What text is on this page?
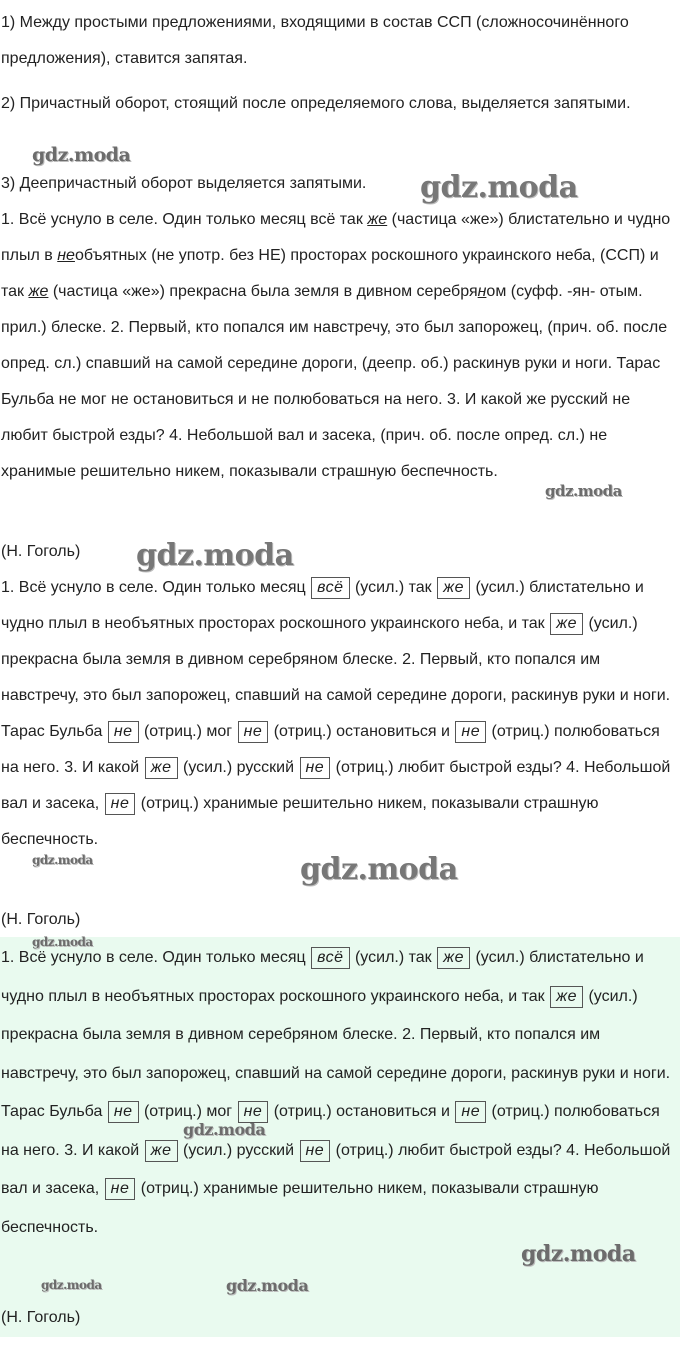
1) Между простыми предложениями, входящими в состав ССП (сложносочинённого предложения), ставится запятая.

2) Причастный оборот, стоящий после определяемого слова, выделяется запятыми.

3) Деепричастный оборот выделяется запятыми.

1. Всё уснуло в селе. Один только месяц всё так же (частица «же») блистательно и чудно плыл в необъятных (не употр. без НЕ) просторах роскошного украинского неба, (ССП) и так же (частица «же») прекрасна была земля в дивном серебряном (суфф. -ян- отым. прил.) блеске. 2. Первый, кто попался им навстречу, это был запорожец, (прич. об. после опред. сл.) спавший на самой середине дороги, (деепр. об.) раскинув руки и ноги. Тарас Бульба не мог не остановиться и не полюбоваться на него. 3. И какой же русский не любит быстрой езды? 4. Небольшой вал и засека, (прич. об. после опред. сл.) не хранимые решительно никем, показывали страшную беспечность.

(Н. Гоголь)

1. Всё уснуло в селе. Один только месяц всё (усил.) так же (усил.) блистательно и чудно плыл в необъятных просторах роскошного украинского неба, и так же (усил.) прекрасна была земля в дивном серебряном блеске. 2. Первый, кто попался им навстречу, это был запорожец, спавший на самой середине дороги, раскинув руки и ноги. Тарас Бульба не (отриц.) мог не (отриц.) остановиться и не (отриц.) полюбоваться на него. 3. И какой же (усил.) русский не (отриц.) любит быстрой езды? 4. Небольшой вал и засека, не (отриц.) хранимые решительно никем, показывали страшную беспечность.

(Н. Гоголь)

1. Всё уснуло в селе. Один только месяц всё (усил.) так же (усил.) блистательно и чудно плыл в необъятных просторах роскошного украинского неба, и так же (усил.) прекрасна была земля в дивном серебряном блеске. 2. Первый, кто попался им навстречу, это был запорожец, спавший на самой середине дороги, раскинув руки и ноги. Тарас Бульба не (отриц.) мог не (отриц.) остановиться и не (отриц.) полюбоваться на него. 3. И какой же (усил.) русский не (отриц.) любит быстрой езды? 4. Небольшой вал и засека, не (отриц.) хранимые решительно никем, показывали страшную беспечность.

(Н. Гоголь)

gdz.moda
gdz.moda
gdz.moda
gdz.moda
gdz.moda	gdz.moda
gdz.moda
gdz.moda
gdz.moda
gdz.moda	gdz.moda
